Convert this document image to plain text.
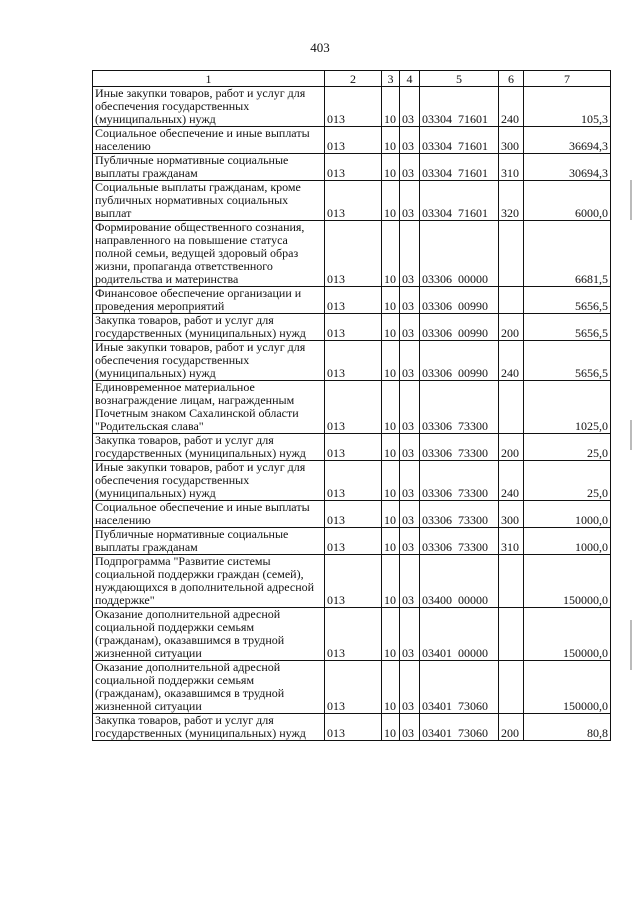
403
1	2	3	4	5	6	7
Иные закупки товаров, работ и услуг для обеспечения государственных (муниципальных) нужд	013	10	03	03304  71601	240	105,3
Социальное обеспечение и иные выплаты населению	013	10	03	03304  71601	300	36694,3
Публичные нормативные социальные выплаты гражданам	013	10	03	03304  71601	310	30694,3
Социальные выплаты гражданам, кроме публичных нормативных социальных выплат	013	10	03	03304  71601	320	6000,0
Формирование общественного сознания, направленного на повышение статуса полной семьи, ведущей здоровый образ жизни, пропаганда ответственного родительства и материнства	013	10	03	03306  00000		6681,5
Финансовое обеспечение организации и проведения мероприятий	013	10	03	03306  00990		5656,5
Закупка товаров, работ и услуг для государственных (муниципальных) нужд	013	10	03	03306  00990	200	5656,5
Иные закупки товаров, работ и услуг для обеспечения государственных (муниципальных) нужд	013	10	03	03306  00990	240	5656,5
Единовременное материальное вознаграждение лицам, награжденным Почетным знаком Сахалинской области "Родительская слава"	013	10	03	03306  73300		1025,0
Закупка товаров, работ и услуг для государственных (муниципальных) нужд	013	10	03	03306  73300	200	25,0
Иные закупки товаров, работ и услуг для обеспечения государственных (муниципальных) нужд	013	10	03	03306  73300	240	25,0
Социальное обеспечение и иные выплаты населению	013	10	03	03306  73300	300	1000,0
Публичные нормативные социальные выплаты гражданам	013	10	03	03306  73300	310	1000,0
Подпрограмма "Развитие системы социальной поддержки граждан (семей), нуждающихся в дополнительной адресной поддержке"	013	10	03	03400  00000		150000,0
Оказание дополнительной адресной социальной поддержки семьям (гражданам), оказавшимся в трудной жизненной ситуации	013	10	03	03401  00000		150000,0
Оказание дополнительной адресной социальной поддержки семьям (гражданам), оказавшимся в трудной жизненной ситуации	013	10	03	03401  73060		150000,0
Закупка товаров, работ и услуг для государственных (муниципальных) нужд	013	10	03	03401  73060	200	80,8
